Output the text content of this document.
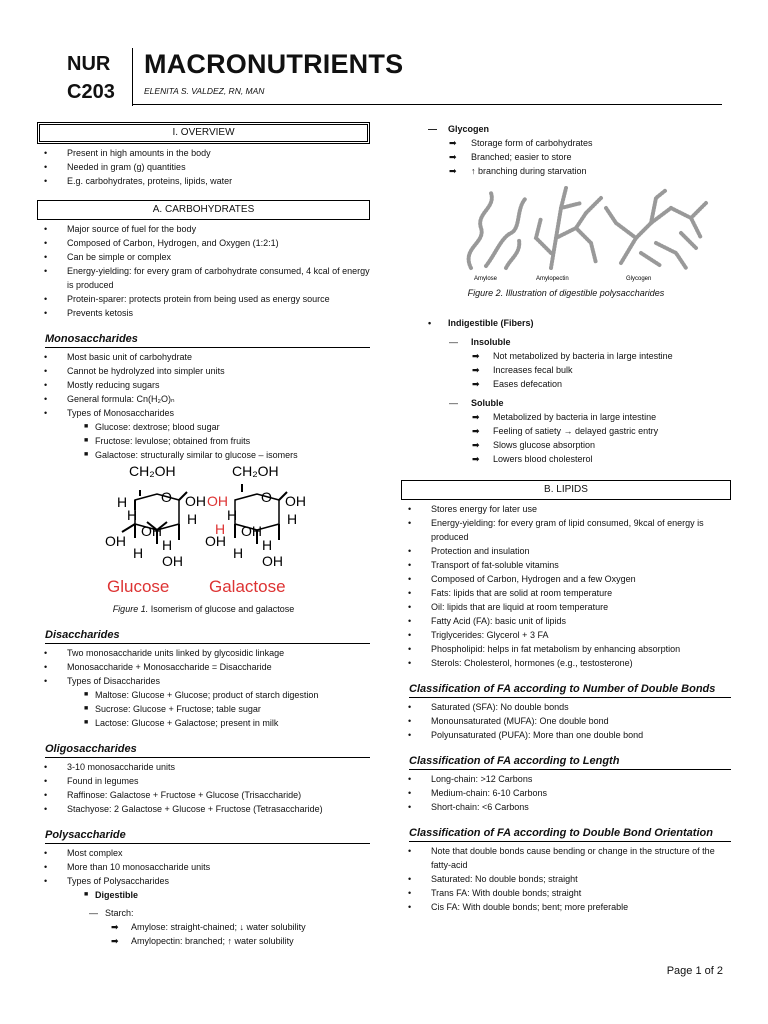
NUR
C203
MACRONUTRIENTS
ELENITA S. VALDEZ, RN, MAN
I. OVERVIEW
• Present in high amounts in the body
• Needed in gram (g) quantities
• E.g. carbohydrates, proteins, lipids, water
A. CARBOHYDRATES
• Major source of fuel for the body
• Composed of Carbon, Hydrogen, and Oxygen (1:2:1)
• Can be simple or complex
• Energy-yielding: for every gram of carbohydrate consumed, 4 kcal of energy is produced
• Protein-sparer: protects protein from being used as energy source
• Prevents ketosis
Monosaccharides
• Most basic unit of carbohydrate
• Cannot be hydrolyzed into simpler units
• Mostly reducing sugars
• General formula: Cn(H₂O)ₙ
• Types of Monosaccharides
■ Glucose: dextrose; blood sugar
■ Fructose: levulose; obtained from fruits
■ Galactose: structurally similar to glucose – isomers
CH₂OH
O OH
H
H
OH
H
OH	H
H OH
CH₂OH
O OH
H
OH
H
OH	H
H OH
OH
H
Glucose Galactose
Figure 1. Isomerism of glucose and galactose
Disaccharides
• Two monosaccharide units linked by glycosidic linkage
• Monosaccharide + Monosaccharide = Disaccharide
• Types of Disaccharides
■ Maltose: Glucose + Glucose; product of starch digestion
■ Sucrose: Glucose + Fructose; table sugar
■ Lactose: Glucose + Galactose; present in milk
Oligosaccharides
• 3-10 monosaccharide units
• Found in legumes
• Raffinose: Galactose + Fructose + Glucose (Trisaccharide)
• Stachyose: 2 Galactose + Glucose + Fructose (Tetrasaccharide)
Polysaccharide
• Most complex
• More than 10 monosaccharide units
• Types of Polysaccharides
■ Digestible
— Starch:
➡ Amylose: straight-chained; ↓ water solubility
➡ Amylopectin: branched; ↑ water solubility
— Glycogen
➡ Storage form of carbohydrates
➡ Branched; easier to store
➡ ↑ branching during starvation
Amylose	Amylopectin	Glycogen
Figure 2. Illustration of digestible polysaccharides
• Indigestible (Fibers)
— Insoluble
➡ Not metabolized by bacteria in large intestine
➡ Increases fecal bulk
➡ Eases defecation
— Soluble
➡ Metabolized by bacteria in large intestine
➡ Feeling of satiety → delayed gastric entry
➡ Slows glucose absorption
➡ Lowers blood cholesterol
B. LIPIDS
• Stores energy for later use
• Energy-yielding: for every gram of lipid consumed, 9kcal of energy is produced
• Protection and insulation
• Transport of fat-soluble vitamins
• Composed of Carbon, Hydrogen and a few Oxygen
• Fats: lipids that are solid at room temperature
• Oil: lipids that are liquid at room temperature
• Fatty Acid (FA): basic unit of lipids
• Triglycerides: Glycerol + 3 FA
• Phospholipid: helps in fat metabolism by enhancing absorption
• Sterols: Cholesterol, hormones (e.g., testosterone)
Classification of FA according to Number of Double Bonds
• Saturated (SFA): No double bonds
• Monounsaturated (MUFA): One double bond
• Polyunsaturated (PUFA): More than one double bond
Classification of FA according to Length
• Long-chain: >12 Carbons
• Medium-chain: 6-10 Carbons
• Short-chain: <6 Carbons
Classification of FA according to Double Bond Orientation
• Note that double bonds cause bending or change in the structure of the fatty-acid
• Saturated: No double bonds; straight
• Trans FA: With double bonds; straight
• Cis FA: With double bonds; bent; more preferable
Page 1 of 2
